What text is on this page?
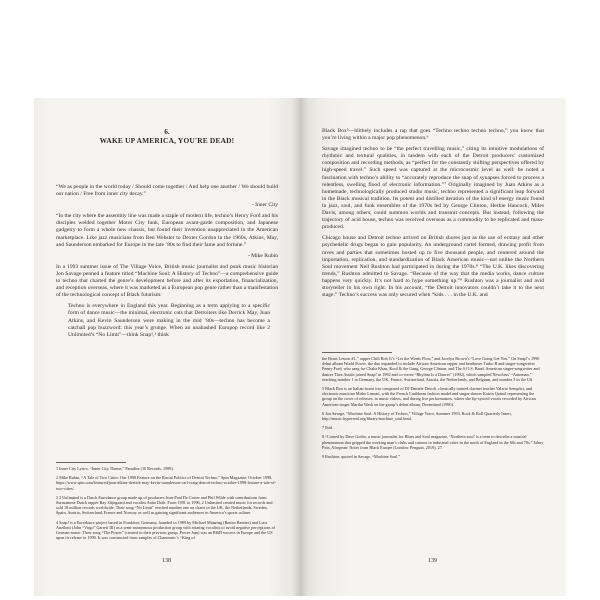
6.
WAKE UP AMERICA, YOU'RE DEAD!

“We as people in the world today / Should come together / And help one another / We should build our nation / Free from inner city decay.”

- Inner City

“In the city where the assembly line was made a staple of modern life, techno’s Henry Ford and his disciples welded together Motor City funk, European avant-garde composition, and Japanese gadgetry to form a whole new chassis, but found their invention unappreciated in the American marketplace. Like jazz musicians from Ben Webster to Dexter Gordon in the 1960s, Atkins, May, and Saunderson embarked for Europe in the late ’80s to find their fame and fortune.”

- Mike Rubin

In a 1993 summer issue of The Village Voice, British music journalist and punk music historian Jon Savage penned a feature titled “Machine Soul: A History of Techno”—a comprehensive guide to techno that charted the genre’s development before and after its exportation, financialization, and reception overseas, where it was marketed as a European pop genre rather than a manifestation of the technological concept of Black futurism:

Techno is everywhere in England this year. Beginning as a term applying to a specific form of dance music—the minimal, electronic cuts that Detroiters like Derrick May, Juan Atkins, and Kevin Saunderson were making in the mid ’80s—techno has become a catchall pop buzzword: this year’s grunge. When an unabashed Europop record like 2 Unlimited’s “No Limit”—think Snap!,¹ think

1 Inner City Lyrics, “Inner City Theme,” Paradise (10 Records, 1989).

2 Mike Rubin, “A Tale of Two Cities: Our 1998 Feature on the Racial Politics of Detroit Techno,” Spin Magazine, October 1998, https://www.spin.com/featured/juan-atkins-derrick-may-kevin-saunderson-carl-craig-detroit-techno-october-1998-feature-a-tale-of-two-cities/.

3 2 Unlimited is a Dutch Eurodance group made up of producers Jean-Paul De Coster and Phil Wilde with contributions from Surinamese Dutch rapper Ray Slijngaard and vocalist Anita Doth. From 1991 to 1996, 2 Unlimited created music for records and sold 18 million records worldwide. Their song “No Limit” reached number one on charts in the UK, the Netherlands, Sweden, Spain, Austria, Switzerland, France and Norway as well as gaining significant audiences in America’s sports culture.

4 Snap! is a Eurodance project based in Frankfurt, Germany, founded in 1989 by Michael Münzing (Benito Benites) and Luca Anzilotti (John “Virgo” Garrett III) as a semi-anonymous production group with rotating vocalists to avoid negative perceptions of German music. Their song “The Power” (created in their previous group, Power Jam) was an R&B success in Europe and the US upon its release in 1990. It was constructed from samples of Chantronic’s “King of

138

Black Box⁵—blithely includes a rap that goes “Techno techno techno techno,” you know that you’re living within a major pop phenomenon.⁶

Savage imagined techno to be “the perfect travelling music,” citing its intuitive modulations of rhythmic and textural qualities, in tandem with each of the Detroit producers’ customized composition and recording methods, as “perfect for the constantly shifting perspectives offered by high-speed travel.” Such speed was captured at the microcosmic level as well: he noted a fascination with techno’s ability to “accurately reproduce the snap of synapses forced to process a relentless, swelling flood of electronic information.”⁷ Originally imagined by Juan Atkins as a homemade, technologically produced studio music, techno represented a significant leap forward in the Black musical tradition. Its potent and distilled iteration of the kind of energy music found in jazz, soul, and funk ensembles of the 1970s led by George Clinton, Herbie Hancock, Miles Davis, among others, could summon worlds and transmit concepts. But instead, following the trajectory of acid house, techno was received overseas as a commodity to be replicated and mass-produced.

Chicago house and Detroit techno arrived on British shores just as the use of ecstasy and other psychedelic drugs began to gain popularity. An underground cartel formed, drawing profit from raves and parties that sometimes hosted up to five thousand people, and centered around the importation, replication, and standardization of Black American music—not unlike the Northern Soul movement Neil Rushton had participated in during the 1970s.⁸ “The U.K. likes discovering trends,” Rushton admitted to Savage. “Because of the way that the media works, dance culture happens very quickly. It’s not hard to hype something up.”⁹ Rushton was a journalist and avid storyteller in his own right. In his account, “the Detroit innovators couldn’t take it to the next stage.” Techno’s success was only secured when “kids . . . in the U.K. and

the Beats Lesson #1,” rapper Chill Rob G’s “Let the Words Flow,” and Jocelyn Brown’s “Love Going Get You.” On Snap!’s 1990 debut album World Power, the duo expanded to include African American rapper and beatboxer Turbo B and singer-songwriter Penny Ford, who sang for Chaka Khan, Kool & the Gang, George Clinton, and The S.O.S. Band. American singer-songwriter and dancer Thea Austin joined Snap! in 1992 and co-wrote “Rhythm Is a Dancer” (1992), which sampled Newcleus’ “Automan,” reaching number 1 in Germany, the UK, France, Switzerland, Austria, the Netherlands, and Belgium, and number 5 in the US.

5 Black Box is an Italian house trio composed of DJ Daniele Davoli, classically trained clarinet teacher Valerio Semplici, and electronic musician Mirko Limoni, with the French Caribbean fashion model and singer-dancer Katrin Quinol representing the group on the cover of releases, in music videos, and during live performances, where she lip-synced vocals recorded by African American singer Martha Wash on the group’s debut album, Dreamland (1990).

6 Jon Savage, “Machine Soul: A History of Techno,” Village Voice, Summer 1993, Rock & Roll Quarterly Insert, http://music.hyperreal.org/library/machine_soul.html.

7 Ibid.

8 “Coined by Dave Godin, a music journalist for Blues and Soul magazine, ‘Northern soul’ is a term to describe a musical phenomenon that gripped the working man’s clubs and casinos in industrial cities in the north of England in the 60s and 70s.” Jahny Pitts, Afropean: Notes from Black Europe (London: Penguin, 2019), 27.

9 Rushton, quoted in Savage, “Machine Soul.”

139
